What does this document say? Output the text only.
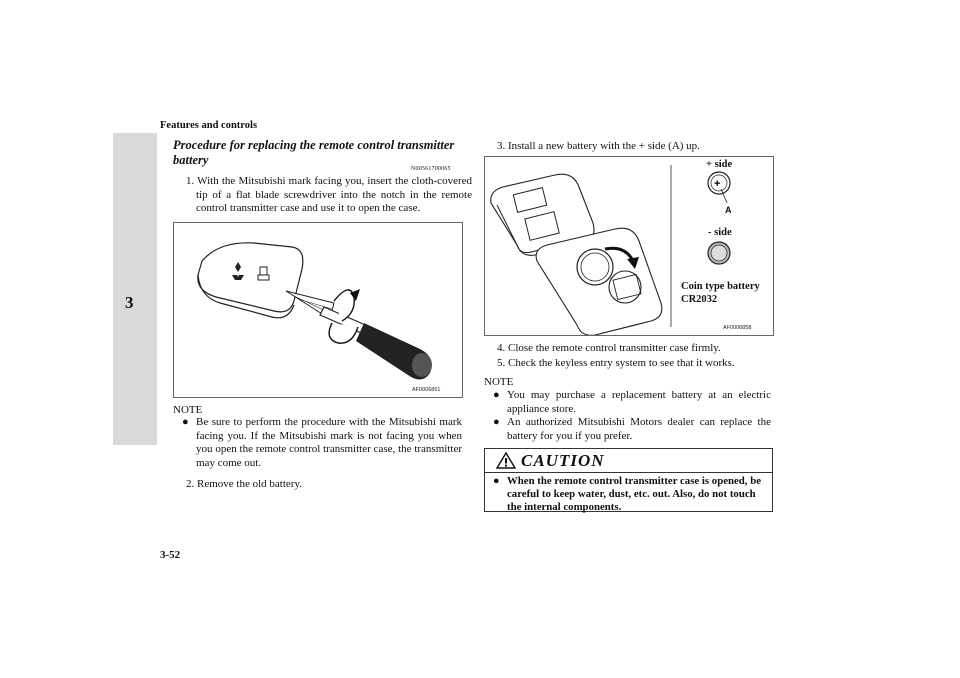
Features and controls
3
3-52
Procedure for replacing the remote control transmitter battery
N00561700065
1. With the Mitsubishi mark facing you, insert the cloth-covered tip of a flat blade screwdriver into the notch in the remote control transmitter case and use it to open the case.
AF0006861
NOTE
● Be sure to perform the procedure with the Mitsubishi mark facing you. If the Mitsubishi mark is not facing you when you open the remote control transmitter case, the transmitter may come out.
2. Remove the old battery.
3. Install a new battery with the + side (A) up.
+
+ side
A
- side
Coin type battery
CR2032
AF0006858
4. Close the remote control transmitter case firmly.
5. Check the keyless entry system to see that it works.
NOTE
● You may purchase a replacement battery at an electric appliance store.
● An authorized Mitsubishi Motors dealer can replace the battery for you if you prefer.
CAUTION
● When the remote control transmitter case is opened, be careful to keep water, dust, etc. out. Also, do not touch the internal components.
